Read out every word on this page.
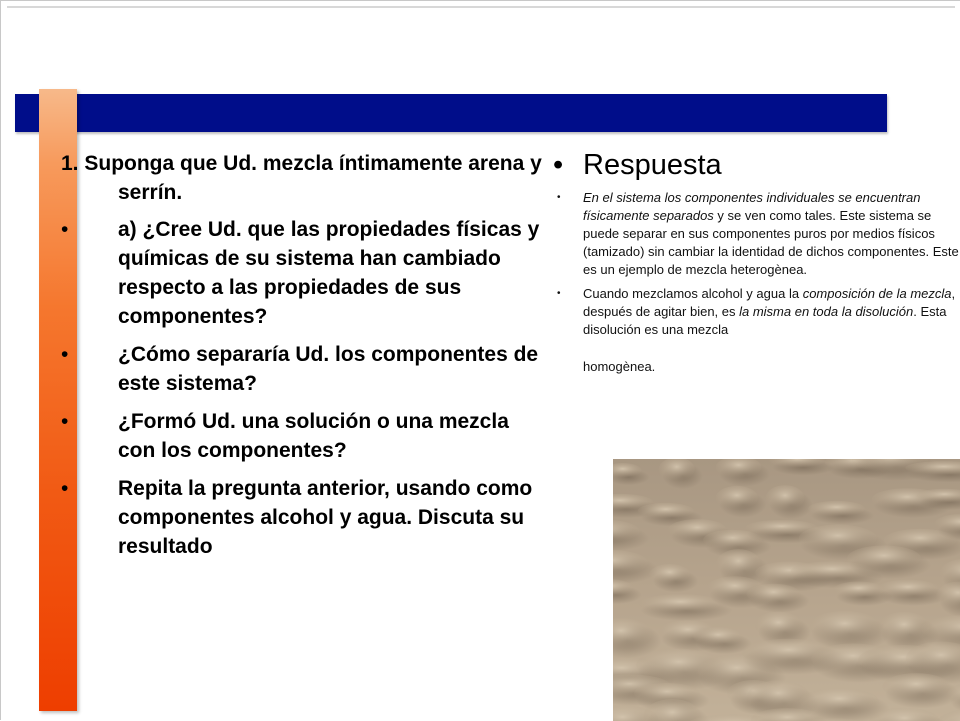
1. Suponga que Ud. mezcla íntimamente arena y serrín.

• a) ¿Cree Ud. que las propiedades físicas y químicas de su sistema han cambiado respecto a las propiedades de sus componentes?
• ¿Cómo separaría Ud. los componentes de este sistema?
• ¿Formó Ud. una solución o una mezcla con los componentes?
• Repita la pregunta anterior, usando como componentes alcohol y agua. Discuta su resultado
• Respuesta
• En el sistema los componentes individuales se encuentran físicamente separados y se ven como tales. Este sistema se puede separar en sus componentes puros por medios físicos (tamizado) sin cambiar la identidad de dichos componentes. Este es un ejemplo de mezcla heterogènea.
• Cuando mezclamos alcohol y agua la composición de la mezcla, después de agitar bien, es la misma en toda la disolución. Esta disolución es una mezcla
homogènea.
